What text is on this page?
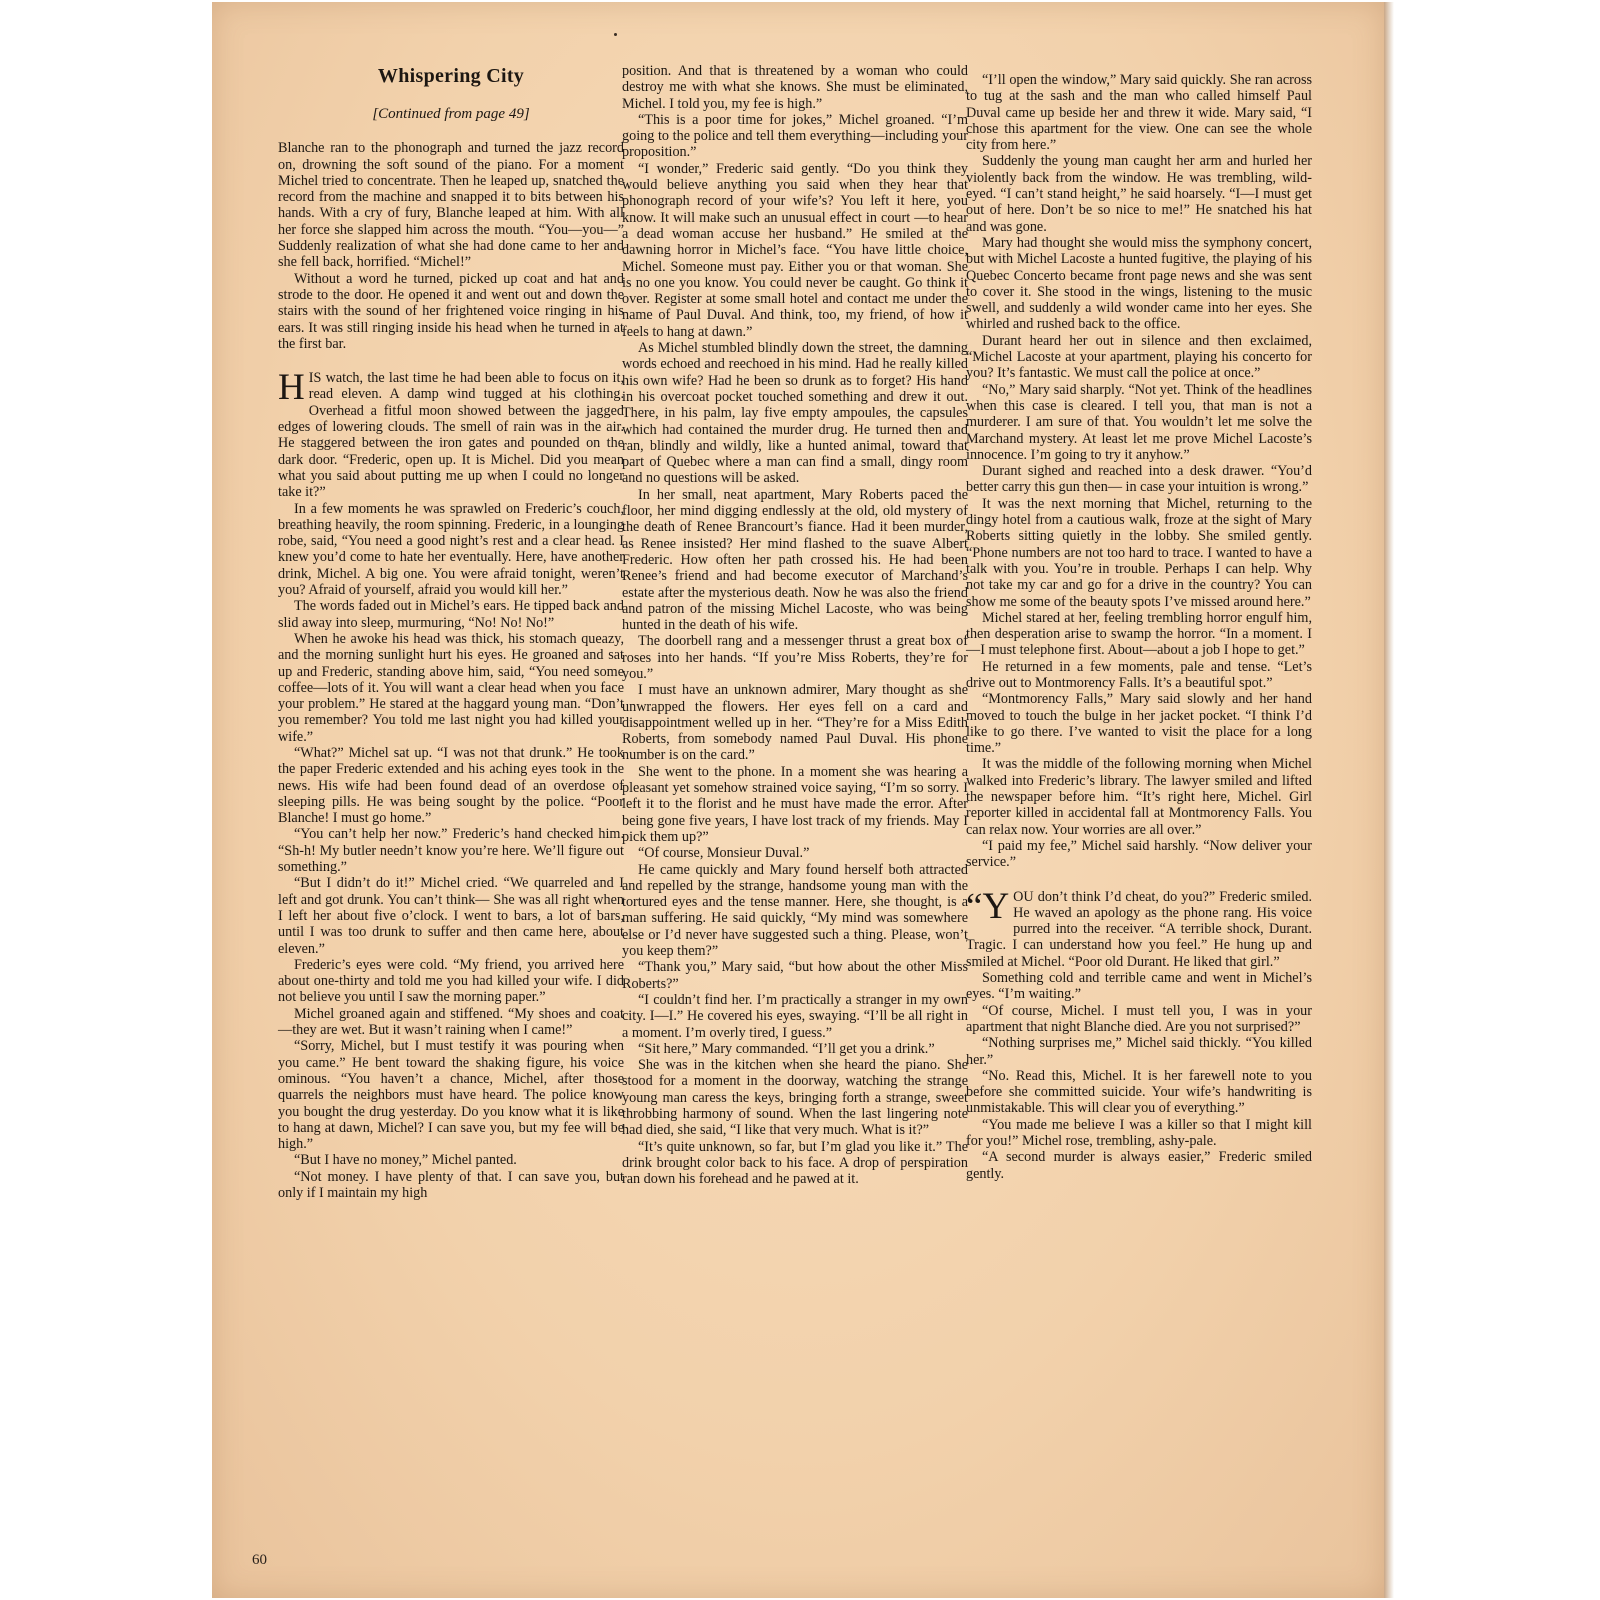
Whispering City
[Continued from page 49]

Blanche ran to the phonograph and turned the jazz record on, drowning the soft sound of the piano. For a moment Michel tried to concentrate. Then he leaped up, snatched the record from the machine and snapped it to bits between his hands. With a cry of fury, Blanche leaped at him. With all her force she slapped him across the mouth. “You—you—” Suddenly realization of what she had done came to her and she fell back, horrified. “Michel!”

Without a word he turned, picked up coat and hat and strode to the door. He opened it and went out and down the stairs with the sound of her frightened voice ringing in his ears. It was still ringing inside his head when he turned in at the first bar.

HIS watch, the last time he had been able to focus on it, read eleven. A damp wind tugged at his clothing. Overhead a fitful moon showed between the jagged edges of lowering clouds. The smell of rain was in the air. He staggered between the iron gates and pounded on the dark door. “Frederic, open up. It is Michel. Did you mean what you said about putting me up when I could no longer take it?”

In a few moments he was sprawled on Frederic’s couch, breathing heavily, the room spinning. Frederic, in a lounging robe, said, “You need a good night’s rest and a clear head. I knew you’d come to hate her eventually. Here, have another drink, Michel. A big one. You were afraid tonight, weren’t you? Afraid of yourself, afraid you would kill her.”

The words faded out in Michel’s ears. He tipped back and slid away into sleep, murmuring, “No! No! No!”

When he awoke his head was thick, his stomach queazy, and the morning sunlight hurt his eyes. He groaned and sat up and Frederic, standing above him, said, “You need some coffee—lots of it. You will want a clear head when you face your problem.” He stared at the haggard young man. “Don’t you remember? You told me last night you had killed your wife.”

“What?” Michel sat up. “I was not that drunk.” He took the paper Frederic extended and his aching eyes took in the news. His wife had been found dead of an overdose of sleeping pills. He was being sought by the police. “Poor Blanche! I must go home.”

“You can’t help her now.” Frederic’s hand checked him. “Sh-h! My butler needn’t know you’re here. We’ll figure out something.”

“But I didn’t do it!” Michel cried. “We quarreled and I left and got drunk. You can’t think— She was all right when I left her about five o’clock. I went to bars, a lot of bars, until I was too drunk to suffer and then came here, about eleven.”

Frederic’s eyes were cold. “My friend, you arrived here about one-thirty and told me you had killed your wife. I did not believe you until I saw the morning paper.”

Michel groaned again and stiffened. “My shoes and coat—they are wet. But it wasn’t raining when I came!”

“Sorry, Michel, but I must testify it was pouring when you came.” He bent toward the shaking figure, his voice ominous. “You haven’t a chance, Michel, after those quarrels the neighbors must have heard. The police know you bought the drug yesterday. Do you know what it is like to hang at dawn, Michel? I can save you, but my fee will be high.”

“But I have no money,” Michel panted.

“Not money. I have plenty of that. I can save you, but only if I maintain my high

position. And that is threatened by a woman who could destroy me with what she knows. She must be eliminated, Michel. I told you, my fee is high.”

“This is a poor time for jokes,” Michel groaned. “I’m going to the police and tell them everything—including your proposition.”

“I wonder,” Frederic said gently. “Do you think they would believe anything you said when they hear that phonograph record of your wife’s? You left it here, you know. It will make such an unusual effect in court —to hear a dead woman accuse her husband.” He smiled at the dawning horror in Michel’s face. “You have little choice, Michel. Someone must pay. Either you or that woman. She is no one you know. You could never be caught. Go think it over. Register at some small hotel and contact me under the name of Paul Duval. And think, too, my friend, of how it feels to hang at dawn.”

As Michel stumbled blindly down the street, the damning words echoed and reechoed in his mind. Had he really killed his own wife? Had he been so drunk as to forget? His hand in his overcoat pocket touched something and drew it out. There, in his palm, lay five empty ampoules, the capsules which had contained the murder drug. He turned then and ran, blindly and wildly, like a hunted animal, toward that part of Quebec where a man can find a small, dingy room and no questions will be asked.

In her small, neat apartment, Mary Roberts paced the floor, her mind digging endlessly at the old, old mystery of the death of Renee Brancourt’s fiance. Had it been murder, as Renee insisted? Her mind flashed to the suave Albert Frederic. How often her path crossed his. He had been Renee’s friend and had become executor of Marchand’s estate after the mysterious death. Now he was also the friend and patron of the missing Michel Lacoste, who was being hunted in the death of his wife.

The doorbell rang and a messenger thrust a great box of roses into her hands. “If you’re Miss Roberts, they’re for you.”

I must have an unknown admirer, Mary thought as she unwrapped the flowers. Her eyes fell on a card and disappointment welled up in her. “They’re for a Miss Edith Roberts, from somebody named Paul Duval. His phone number is on the card.”

She went to the phone. In a moment she was hearing a pleasant yet somehow strained voice saying, “I’m so sorry. I left it to the florist and he must have made the error. After being gone five years, I have lost track of my friends. May I pick them up?”

“Of course, Monsieur Duval.”

He came quickly and Mary found herself both attracted and repelled by the strange, handsome young man with the tortured eyes and the tense manner. Here, she thought, is a man suffering. He said quickly, “My mind was somewhere else or I’d never have suggested such a thing. Please, won’t you keep them?”

“Thank you,” Mary said, “but how about the other Miss Roberts?”

“I couldn’t find her. I’m practically a stranger in my own city. I—I.” He covered his eyes, swaying. “I’ll be all right in a moment. I’m overly tired, I guess.”

“Sit here,” Mary commanded. “I’ll get you a drink.”

She was in the kitchen when she heard the piano. She stood for a moment in the doorway, watching the strange young man caress the keys, bringing forth a strange, sweet throbbing harmony of sound. When the last lingering note had died, she said, “I like that very much. What is it?”

“It’s quite unknown, so far, but I’m glad you like it.” The drink brought color back to his face. A drop of perspiration ran down his forehead and he pawed at it.

“I’ll open the window,” Mary said quickly. She ran across to tug at the sash and the man who called himself Paul Duval came up beside her and threw it wide. Mary said, “I chose this apartment for the view. One can see the whole city from here.”

Suddenly the young man caught her arm and hurled her violently back from the window. He was trembling, wild-eyed. “I can’t stand height,” he said hoarsely. “I—I must get out of here. Don’t be so nice to me!” He snatched his hat and was gone.

Mary had thought she would miss the symphony concert, but with Michel Lacoste a hunted fugitive, the playing of his Quebec Concerto became front page news and she was sent to cover it. She stood in the wings, listening to the music swell, and suddenly a wild wonder came into her eyes. She whirled and rushed back to the office.

Durant heard her out in silence and then exclaimed, “Michel Lacoste at your apartment, playing his concerto for you? It’s fantastic. We must call the police at once.”

“No,” Mary said sharply. “Not yet. Think of the headlines when this case is cleared. I tell you, that man is not a murderer. I am sure of that. You wouldn’t let me solve the Marchand mystery. At least let me prove Michel Lacoste’s innocence. I’m going to try it anyhow.”

Durant sighed and reached into a desk drawer. “You’d better carry this gun then— in case your intuition is wrong.”

It was the next morning that Michel, returning to the dingy hotel from a cautious walk, froze at the sight of Mary Roberts sitting quietly in the lobby. She smiled gently. “Phone numbers are not too hard to trace. I wanted to have a talk with you. You’re in trouble. Perhaps I can help. Why not take my car and go for a drive in the country? You can show me some of the beauty spots I’ve missed around here.”

Michel stared at her, feeling trembling horror engulf him, then desperation arise to swamp the horror. “In a moment. I—I must telephone first. About—about a job I hope to get.”

He returned in a few moments, pale and tense. “Let’s drive out to Montmorency Falls. It’s a beautiful spot.”

“Montmorency Falls,” Mary said slowly and her hand moved to touch the bulge in her jacket pocket. “I think I’d like to go there. I’ve wanted to visit the place for a long time.”

It was the middle of the following morning when Michel walked into Frederic’s library. The lawyer smiled and lifted the newspaper before him. “It’s right here, Michel. Girl reporter killed in accidental fall at Montmorency Falls. You can relax now. Your worries are all over.”

“I paid my fee,” Michel said harshly. “Now deliver your service.”

“ Y OU don’t think I’d cheat, do you?” Frederic smiled. He waved an apology as the phone rang. His voice purred into the receiver. “A terrible shock, Durant. Tragic. I can understand how you feel.” He hung up and smiled at Michel. “Poor old Durant. He liked that girl.”

Something cold and terrible came and went in Michel’s eyes. “I’m waiting.”

“Of course, Michel. I must tell you, I was in your apartment that night Blanche died. Are you not surprised?”

“Nothing surprises me,” Michel said thickly. “You killed her.”

“No. Read this, Michel. It is her farewell note to you before she committed suicide. Your wife’s handwriting is unmistakable. This will clear you of everything.”

“You made me believe I was a killer so that I might kill for you!” Michel rose, trembling, ashy-pale.

“A second murder is always easier,” Frederic smiled gently.

60
